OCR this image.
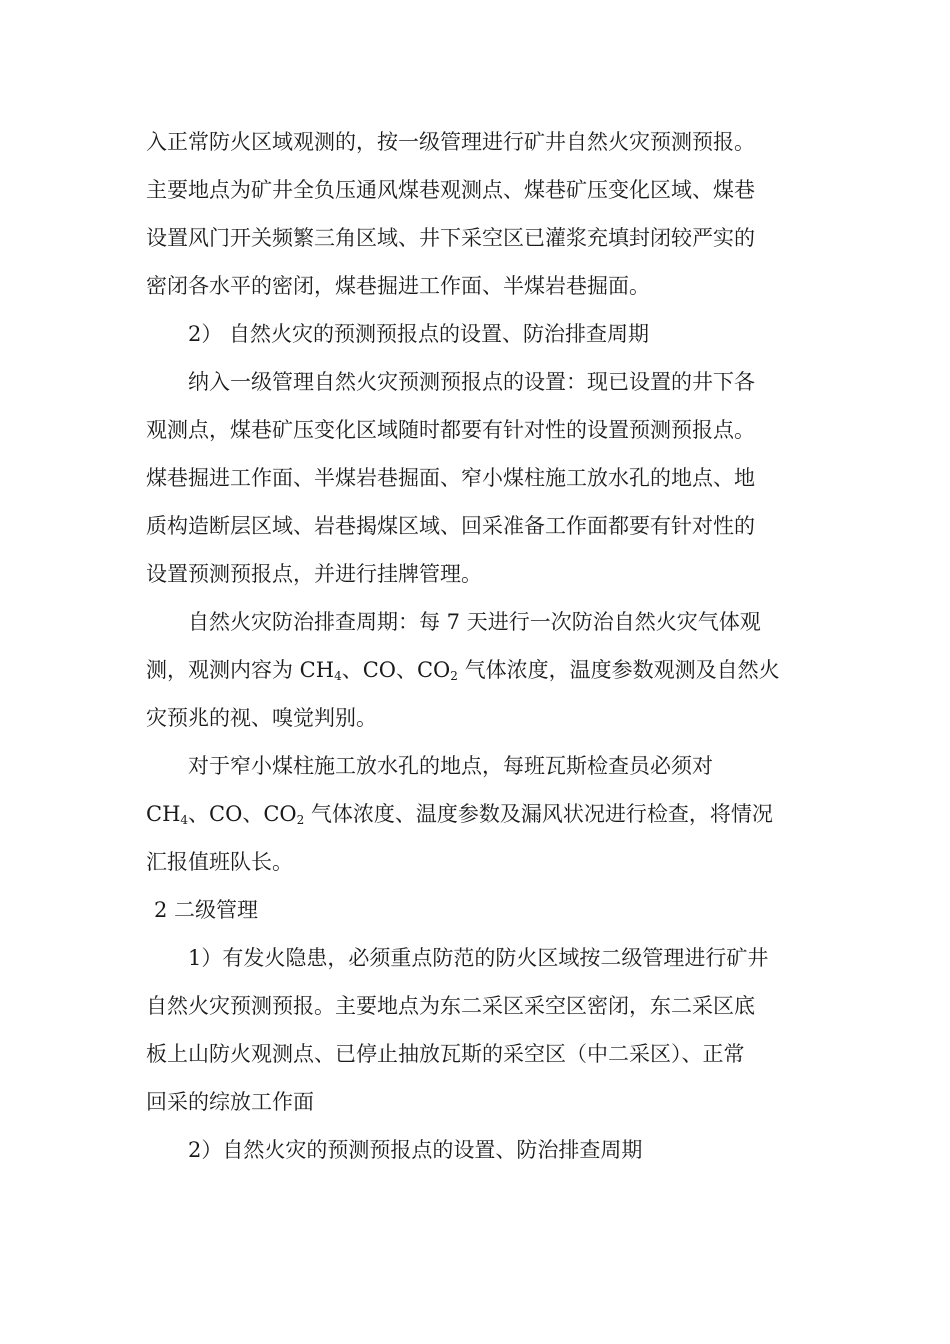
入正常防火区域观测的，按一级管理进行矿井自然火灾预测预报。
主要地点为矿井全负压通风煤巷观测点、煤巷矿压变化区域、煤巷
设置风门开关频繁三角区域、井下采空区已灌浆充填封闭较严实的
密闭各水平的密闭，煤巷掘进工作面、半煤岩巷掘面。
2） 自然火灾的预测预报点的设置、防治排查周期
纳入一级管理自然火灾预测预报点的设置：现已设置的井下各
观测点，煤巷矿压变化区域随时都要有针对性的设置预测预报点。
煤巷掘进工作面、半煤岩巷掘面、窄小煤柱施工放水孔的地点、地
质构造断层区域、岩巷揭煤区域、回采准备工作面都要有针对性的
设置预测预报点，并进行挂牌管理。
自然火灾防治排查周期：每 7 天进行一次防治自然火灾气体观
测，观测内容为 $CH_4$、CO、$CO_2$ 气体浓度，温度参数观测及自然火
灾预兆的视、嗅觉判别。
对于窄小煤柱施工放水孔的地点，每班瓦斯检查员必须对
$CH_4$、CO、$CO_2$ 气体浓度、温度参数及漏风状况进行检查，将情况
汇报值班队长。
2 二级管理
1）有发火隐患，必须重点防范的防火区域按二级管理进行矿井
自然火灾预测预报。主要地点为东二采区采空区密闭，东二采区底
板上山防火观测点、已停止抽放瓦斯的采空区（中二采区）、正常
回采的综放工作面
2）自然火灾的预测预报点的设置、防治排查周期
